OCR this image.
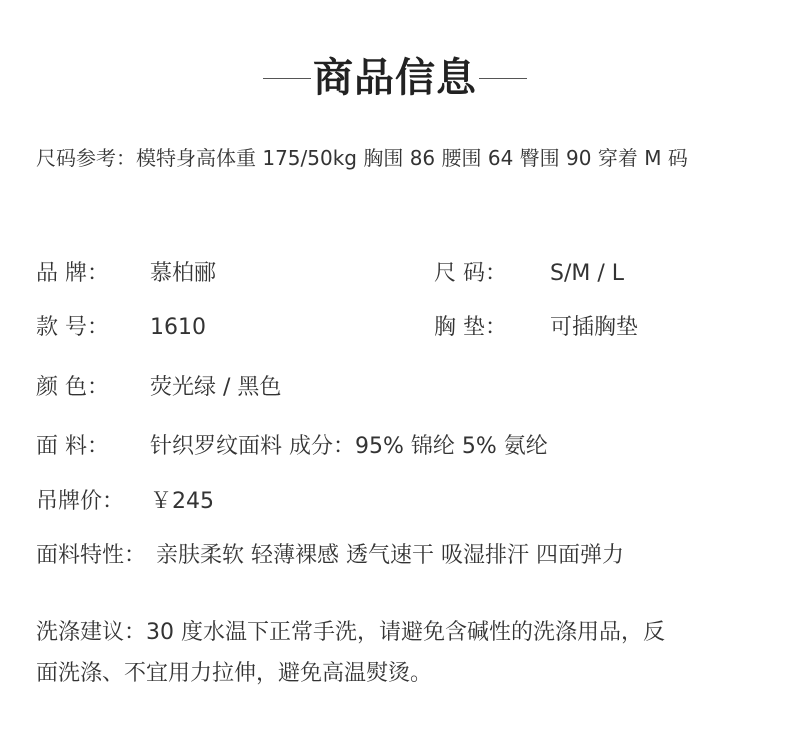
商品信息
尺码参考：模特身高体重 175/50kg 胸围 86 腰围 64 臀围 90 穿着 M 码
品 牌： 慕柏郦	尺 码： S/M / L
款 号： 1610	胸 垫： 可插胸垫
颜 色： 荧光绿 / 黑色
面 料： 针织罗纹面料 成分：95% 锦纶 5% 氨纶
吊牌价： ￥245
面料特性： 亲肤柔软 轻薄裸感 透气速干 吸湿排汗 四面弹力

洗涤建议：30 度水温下正常手洗，请避免含碱性的洗涤用品，反

面洗涤、不宜用力拉伸，避免高温熨烫。
